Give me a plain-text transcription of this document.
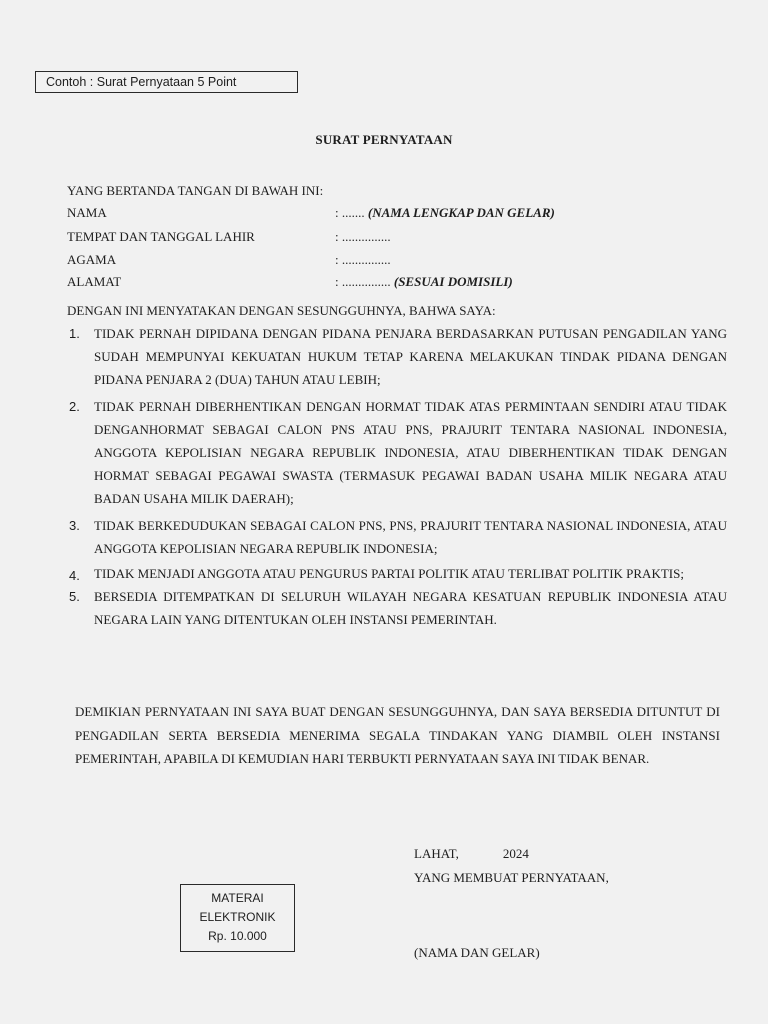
Contoh : Surat Pernyataan 5 Point
SURAT PERNYATAAN
YANG BERTANDA TANGAN DI BAWAH INI:
NAMA	: ....... (NAMA LENGKAP DAN GELAR)
TEMPAT DAN TANGGAL LAHIR	: ...............
AGAMA	: ...............
ALAMAT	: ............... (SESUAI DOMISILI)
DENGAN INI MENYATAKAN DENGAN SESUNGGUHNYA, BAHWA SAYA:
1. TIDAK PERNAH DIPIDANA DENGAN PIDANA PENJARA BERDASARKAN PUTUSAN PENGADILAN YANG SUDAH MEMPUNYAI KEKUATAN HUKUM TETAP KARENA MELAKUKAN TINDAK PIDANA DENGAN PIDANA PENJARA 2 (DUA) TAHUN ATAU LEBIH;
2. TIDAK PERNAH DIBERHENTIKAN DENGAN HORMAT TIDAK ATAS PERMINTAAN SENDIRI ATAU TIDAK DENGANHORMAT SEBAGAI CALON PNS ATAU PNS, PRAJURIT TENTARA NASIONAL INDONESIA, ANGGOTA KEPOLISIAN NEGARA REPUBLIK INDONESIA, ATAU DIBERHENTIKAN TIDAK DENGAN HORMAT SEBAGAI PEGAWAI SWASTA (TERMASUK PEGAWAI BADAN USAHA MILIK NEGARA ATAU BADAN USAHA MILIK DAERAH);
3. TIDAK BERKEDUDUKAN SEBAGAI CALON PNS, PNS, PRAJURIT TENTARA NASIONAL INDONESIA, ATAU ANGGOTA KEPOLISIAN NEGARA REPUBLIK INDONESIA;
4. TIDAK MENJADI ANGGOTA ATAU PENGURUS PARTAI POLITIK ATAU TERLIBAT POLITIK PRAKTIS;
5. BERSEDIA DITEMPATKAN DI SELURUH WILAYAH NEGARA KESATUAN REPUBLIK INDONESIA ATAU NEGARA LAIN YANG DITENTUKAN OLEH INSTANSI PEMERINTAH.
DEMIKIAN PERNYATAAN INI SAYA BUAT DENGAN SESUNGGUHNYA, DAN SAYA BERSEDIA DITUNTUT DI PENGADILAN SERTA BERSEDIA MENERIMA SEGALA TINDAKAN YANG DIAMBIL OLEH INSTANSI PEMERINTAH, APABILA DI KEMUDIAN HARI TERBUKTI PERNYATAAN SAYA INI TIDAK BENAR.
LAHAT,	2024
YANG MEMBUAT PERNYATAAN,
MATERAI
ELEKTRONIK
Rp. 10.000
(NAMA DAN GELAR)
